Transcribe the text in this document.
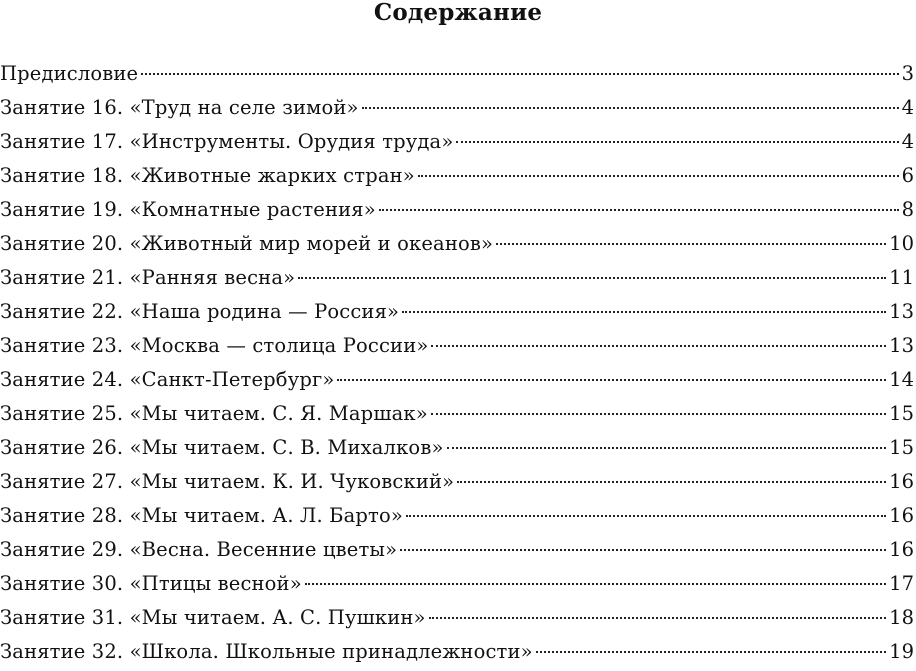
Содержание
Предисловие	3
Занятие 16. «Труд на селе зимой»	4
Занятие 17. «Инструменты. Орудия труда»	4
Занятие 18. «Животные жарких стран»	6
Занятие 19. «Комнатные растения»	8
Занятие 20. «Животный мир морей и океанов»	10
Занятие 21. «Ранняя весна»	11
Занятие 22. «Наша родина — Россия»	13
Занятие 23. «Москва — столица России»	13
Занятие 24. «Санкт-Петербург»	14
Занятие 25. «Мы читаем. С. Я. Маршак»	15
Занятие 26. «Мы читаем. С. В. Михалков»	15
Занятие 27. «Мы читаем. К. И. Чуковский»	16
Занятие 28. «Мы читаем. А. Л. Барто»	16
Занятие 29. «Весна. Весенние цветы»	16
Занятие 30. «Птицы весной»	17
Занятие 31. «Мы читаем. А. С. Пушкин»	18
Занятие 32. «Школа. Школьные принадлежности»	19
